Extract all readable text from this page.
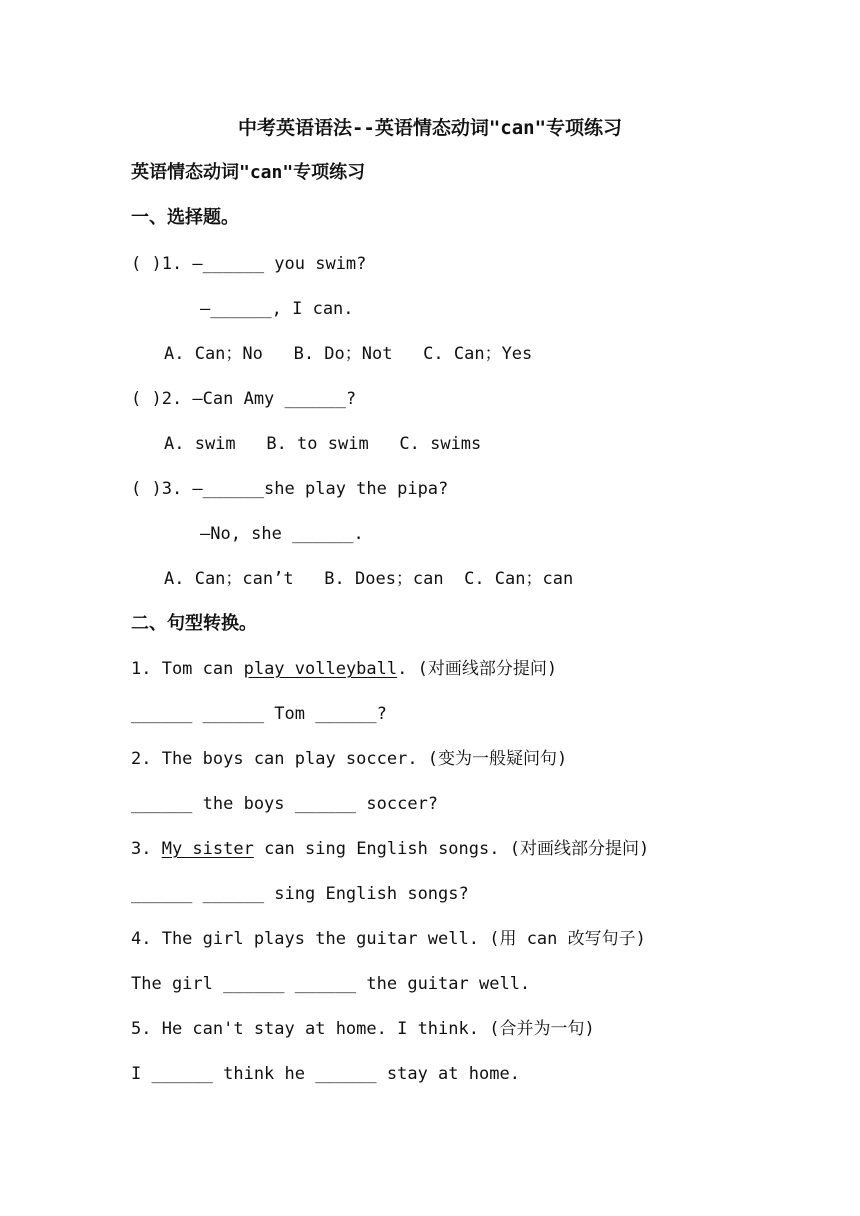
中考英语语法--英语情态动词"can"专项练习
英语情态动词"can"专项练习
一、选择题。
( )1. —______ you swim?
—______, I can.
A. Can；No   B. Do；Not   C. Can；Yes
( )2. —Can Amy ______?
A. swim   B. to swim   C. swims
( )3. —______she play the pipa?
—No, she ______.
A. Can；can’t   B. Does；can  C. Can；can
二、句型转换。
1. Tom can play volleyball. (对画线部分提问)
______ ______ Tom ______?
2. The boys can play soccer. (变为一般疑问句)
______ the boys ______ soccer?
3. My sister can sing English songs. (对画线部分提问)
______ ______ sing English songs?
4. The girl plays the guitar well. (用 can 改写句子)
The girl ______ ______ the guitar well.
5. He can't stay at home. I think. (合并为一句)
I ______ think he ______ stay at home.
